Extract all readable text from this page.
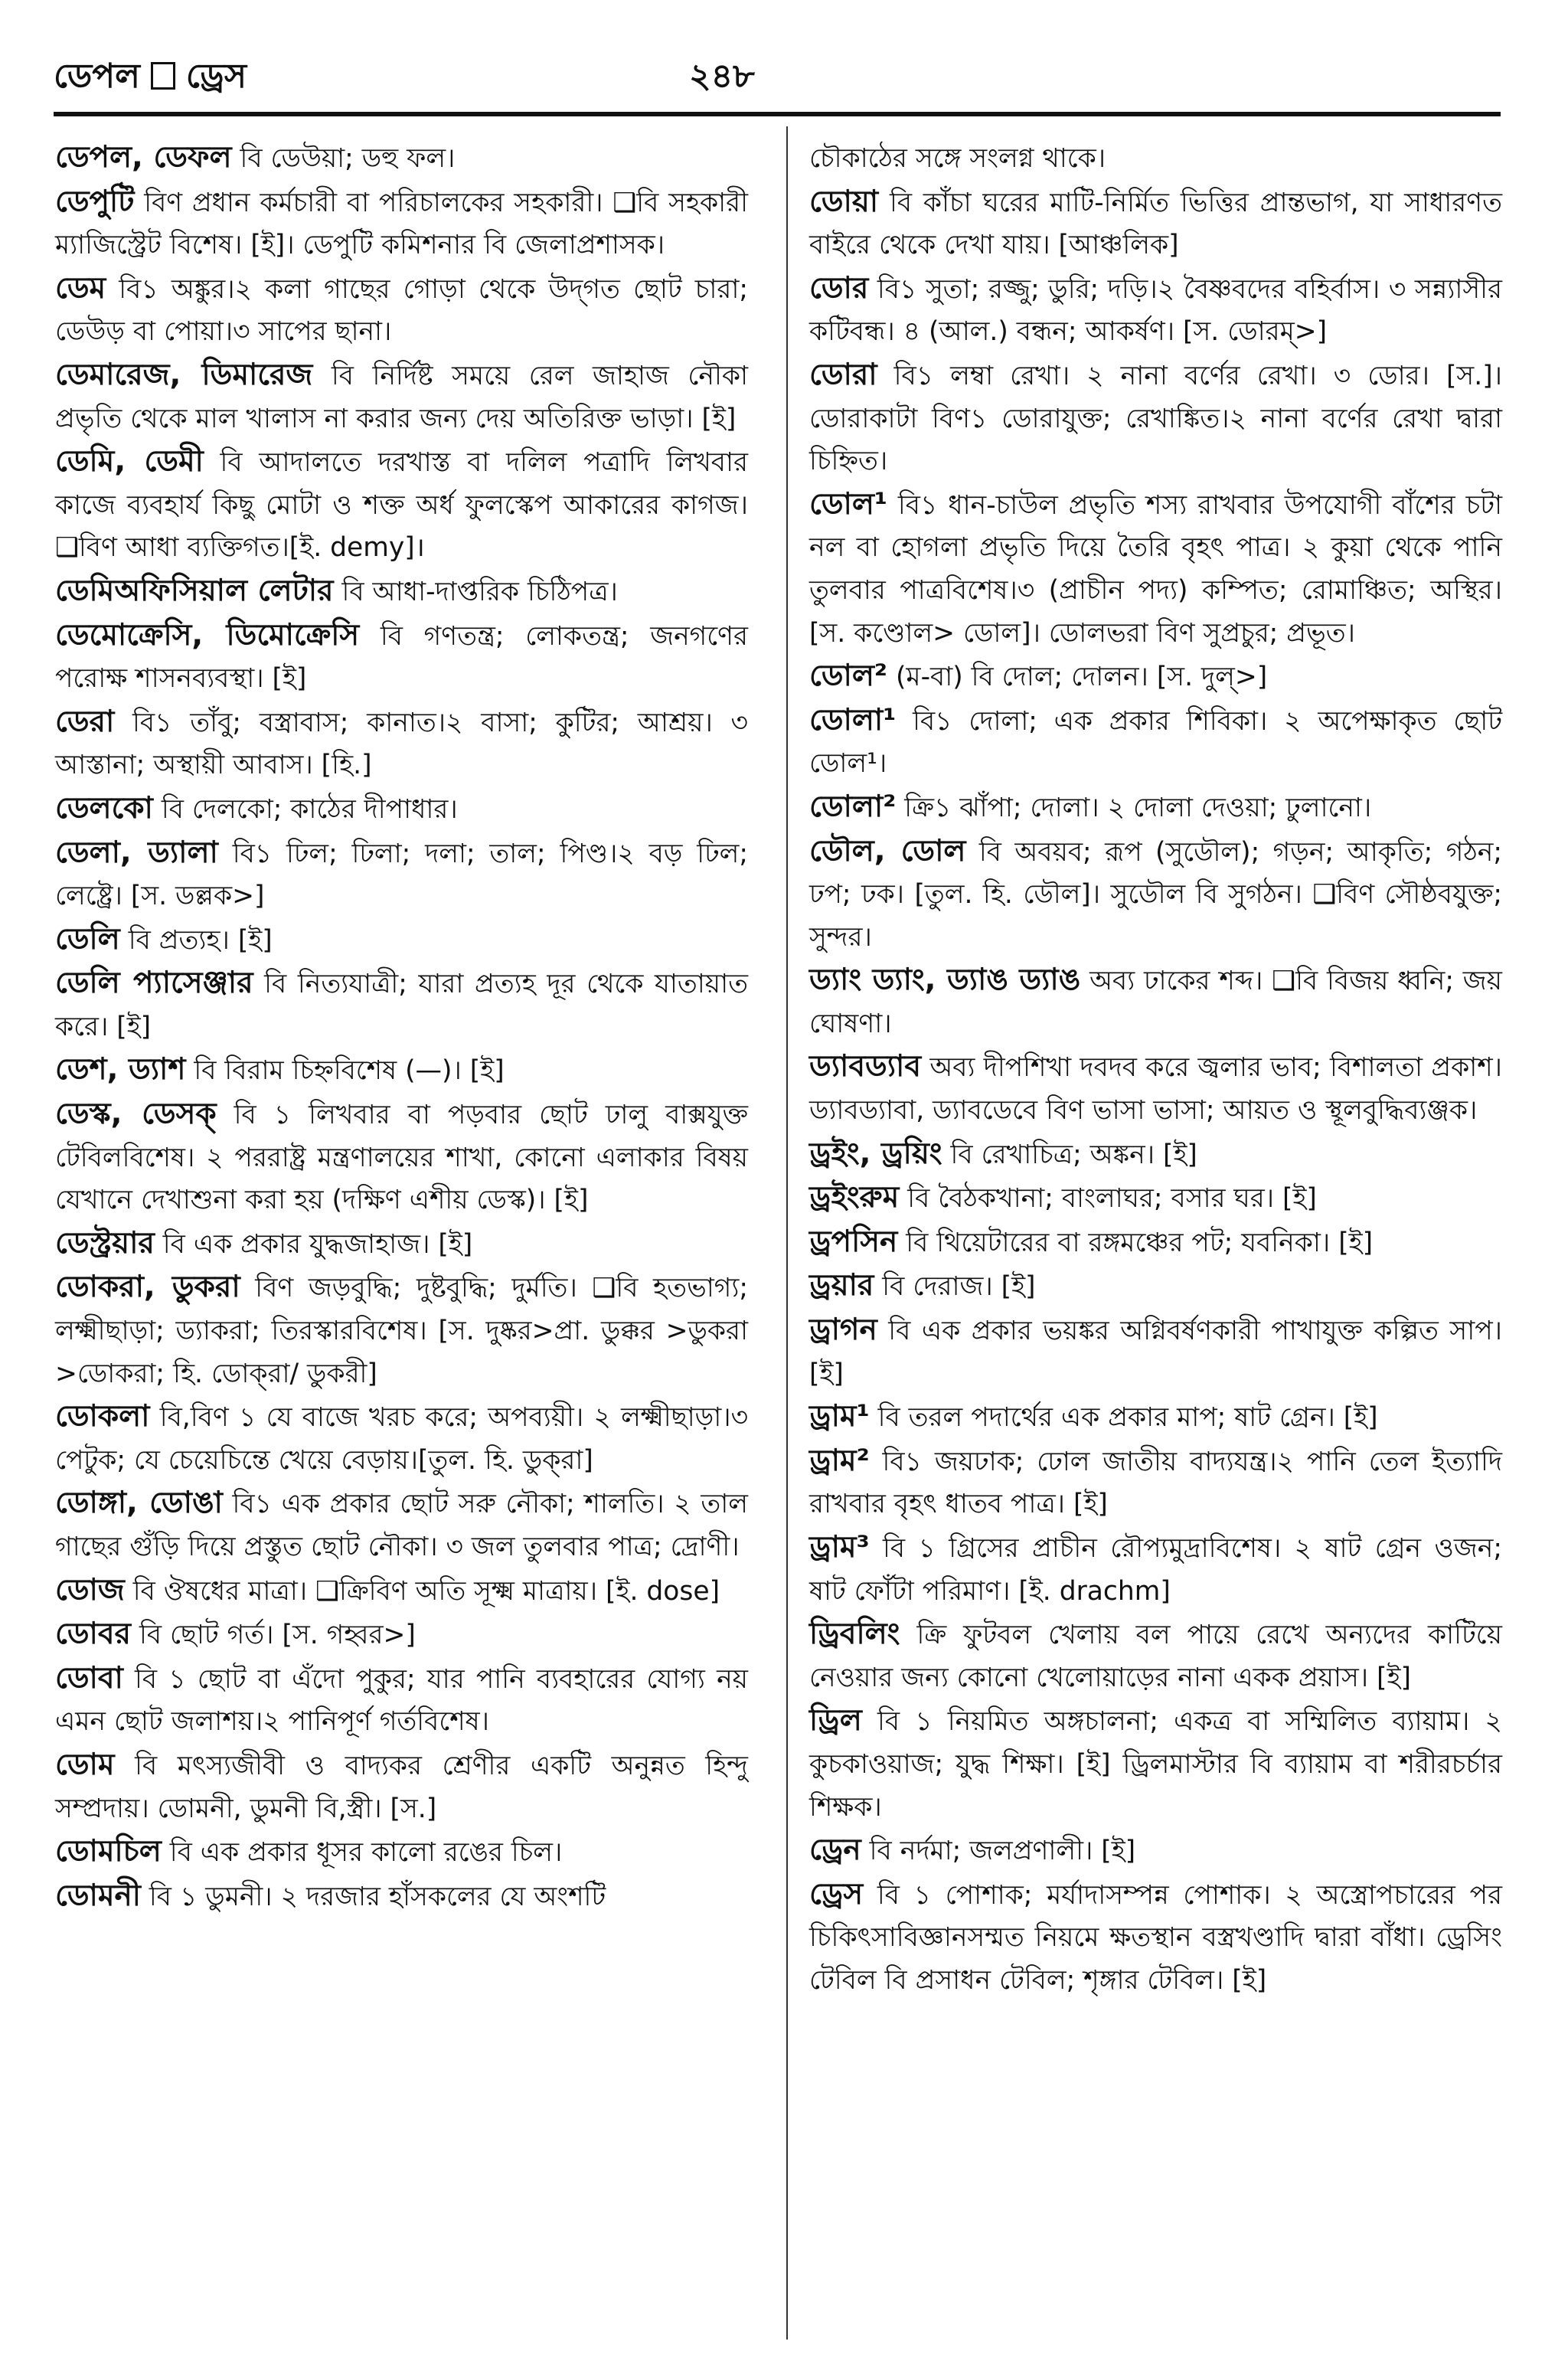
ডেপল ড্রেস	২৪৮

ডেপল, ডেফল বি ডেউয়া; ডহু ফল।

ডেপুটি বিণ প্রধান কর্মচারী বা পরিচালকের সহকারী। ❑বি সহকারী ম্যাজিস্ট্রেট বিশেষ। [ই]। ডেপুটি কমিশনার বি জেলাপ্রশাসক।

ডেম বি১ অঙ্কুর।২ কলা গাছের গোড়া থেকে উদ্‌গত ছোট চারা; ডেউড় বা পোয়া।৩ সাপের ছানা।

ডেমারেজ, ডিমারেজ বি নির্দিষ্ট সময়ে রেল জাহাজ নৌকা প্রভৃতি থেকে মাল খালাস না করার জন্য দেয় অতিরিক্ত ভাড়া। [ই]

ডেমি, ডেমী বি আদালতে দরখাস্ত বা দলিল পত্রাদি লিখবার কাজে ব্যবহার্য কিছু মোটা ও শক্ত অর্ধ ফুলস্কেপ আকারের কাগজ।❑বিণ আধা ব্যক্তিগত।[ই. demy]।

ডেমিঅফিসিয়াল লেটার বি আধা-দাপ্তরিক চিঠিপত্র।

ডেমোক্রেসি, ডিমোক্রেসি বি গণতন্ত্র; লোকতন্ত্র; জনগণের পরোক্ষ শাসনব্যবস্থা। [ই]

ডেরা বি১ তাঁবু; বস্ত্রাবাস; কানাত।২ বাসা; কুটির; আশ্রয়। ৩ আস্তানা; অস্থায়ী আবাস। [হি.]

ডেলকো বি দেলকো; কাঠের দীপাধার।

ডেলা, ড্যালা বি১ ঢিল; ঢিলা; দলা; তাল; পিণ্ড।২ বড় ঢিল; লেষ্ট্রে। [স. ডল্লক>]

ডেলি বি প্রত্যহ। [ই]

ডেলি প্যাসেঞ্জার বি নিত্যযাত্রী; যারা প্রত্যহ দূর থেকে যাতায়াত করে। [ই]

ডেশ, ড্যাশ বি বিরাম চিহ্নবিশেষ (—)। [ই]

ডেস্ক, ডেসক্ বি ১ লিখবার বা পড়বার ছোট ঢালু বাক্সযুক্ত টেবিলবিশেষ। ২ পররাষ্ট্র মন্ত্রণালয়ের শাখা, কোনো এলাকার বিষয় যেখানে দেখাশুনা করা হয় (দক্ষিণ এশীয় ডেস্ক)। [ই]

ডেস্ট্রয়ার বি এক প্রকার যুদ্ধজাহাজ। [ই]

ডোকরা, ডুকরা বিণ জড়বুদ্ধি; দুষ্টবুদ্ধি; দুর্মতি। ❑বি হতভাগ্য; লক্ষ্মীছাড়া; ড্যাকরা; তিরস্কারবিশেষ। [স. দুষ্কর>প্রা. ডুক্কর >ডুকরা >ডোকরা; হি. ডোক্‌রা/ ডুকরী]

ডোকলা বি,বিণ ১ যে বাজে খরচ করে; অপব্যয়ী। ২ লক্ষ্মীছাড়া।৩ পেটুক; যে চেয়েচিন্তে খেয়ে বেড়ায়।[তুল. হি. ডুক্‌রা]

ডোঙ্গা, ডোঙা বি১ এক প্রকার ছোট সরু নৌকা; শালতি। ২ তাল গাছের গুঁড়ি দিয়ে প্রস্তুত ছোট নৌকা। ৩ জল তুলবার পাত্র; দ্রোণী।

ডোজ বি ঔষধের মাত্রা। ❑ক্রিবিণ অতি সূক্ষ্ম মাত্রায়। [ই. dose]

ডোবর বি ছোট গর্ত। [স. গহ্বর>]

ডোবা বি ১ ছোট বা এঁদো পুকুর; যার পানি ব্যবহারের যোগ্য নয় এমন ছোট জলাশয়।২ পানিপূর্ণ গর্তবিশেষ।

ডোম বি মৎস্যজীবী ও বাদ্যকর শ্রেণীর একটি অনুন্নত হিন্দু সম্প্রদায়। ডোমনী, ডুমনী বি,স্ত্রী। [স.]

ডোমচিল বি এক প্রকার ধূসর কালো রঙের চিল।

ডোমনী বি ১ ডুমনী। ২ দরজার হাঁসকলের যে অংশটি

চৌকাঠের সঙ্গে সংলগ্ন থাকে।

ডোয়া বি কাঁচা ঘরের মাটি-নির্মিত ভিত্তির প্রান্তভাগ, যা সাধারণত বাইরে থেকে দেখা যায়। [আঞ্চলিক]

ডোর বি১ সুতা; রজ্জু; ডুরি; দড়ি।২ বৈষ্ণবদের বহির্বাস। ৩ সন্ন্যাসীর কটিবন্ধ। ৪ (আল.) বন্ধন; আকর্ষণ। [স. ডোরম্>]

ডোরা বি১ লম্বা রেখা। ২ নানা বর্ণের রেখা। ৩ ডোর। [স.]। ডোরাকাটা বিণ১ ডোরাযুক্ত; রেখাঙ্কিত।২ নানা বর্ণের রেখা দ্বারা চিহ্নিত।

ডোল¹ বি১ ধান-চাউল প্রভৃতি শস্য রাখবার উপযোগী বাঁশের চটা নল বা হোগলা প্রভৃতি দিয়ে তৈরি বৃহৎ পাত্র। ২ কুয়া থেকে পানি তুলবার পাত্রবিশেষ।৩ (প্রাচীন পদ্য) কম্পিত; রোমাঞ্চিত; অস্থির। [স. কণ্ডোল> ডোল]। ডোলভরা বিণ সুপ্রচুর; প্রভূত।

ডোল² (ম-বা) বি দোল; দোলন। [স. দুল্>]

ডোলা¹ বি১ দোলা; এক প্রকার শিবিকা। ২ অপেক্ষাকৃত ছোট ডোল¹।

ডোলা² ক্রি১ ঝাঁপা; দোলা। ২ দোলা দেওয়া; ঢুলানো।

ডৌল, ডোল বি অবয়ব; রূপ (সুডৌল); গড়ন; আকৃতি; গঠন; ঢপ; ঢক। [তুল. হি. ডৌল]। সুডৌল বি সুগঠন। ❑বিণ সৌষ্ঠবযুক্ত; সুন্দর।

ড্যাং ড্যাং, ড্যাঙ ড্যাঙ অব্য ঢাকের শব্দ। ❑বি বিজয় ধ্বনি; জয় ঘোষণা।

ড্যাবড্যাব অব্য দীপশিখা দবদব করে জ্বলার ভাব; বিশালতা প্রকাশ। ড্যাবড্যাবা, ড্যাবডেবে বিণ ভাসা ভাসা; আয়ত ও স্থূলবুদ্ধিব্যঞ্জক।

ড্রইং, ড্রয়িং বি রেখাচিত্র; অঙ্কন। [ই]

ড্রইংরুম বি বৈঠকখানা; বাংলাঘর; বসার ঘর। [ই]

ড্রপসিন বি থিয়েটারের বা রঙ্গমঞ্চের পট; যবনিকা। [ই]

ড্রয়ার বি দেরাজ। [ই]

ড্রাগন বি এক প্রকার ভয়ঙ্কর অগ্নিবর্ষণকারী পাখাযুক্ত কল্পিত সাপ। [ই]

ড্রাম¹ বি তরল পদার্থের এক প্রকার মাপ; ষাট গ্রেন। [ই]

ড্রাম² বি১ জয়ঢাক; ঢোল জাতীয় বাদ্যযন্ত্র।২ পানি তেল ইত্যাদি রাখবার বৃহৎ ধাতব পাত্র। [ই]

ড্রাম³ বি ১ গ্রিসের প্রাচীন রৌপ্যমুদ্রাবিশেষ। ২ ষাট গ্রেন ওজন; ষাট ফোঁটা পরিমাণ। [ই. drachm]

ড্রিবলিং ক্রি ফুটবল খেলায় বল পায়ে রেখে অন্যদের কাটিয়ে নেওয়ার জন্য কোনো খেলোয়াড়ের নানা একক প্রয়াস। [ই]

ড্রিল বি ১ নিয়মিত অঙ্গচালনা; একত্র বা সম্মিলিত ব্যায়াম। ২ কুচকাওয়াজ; যুদ্ধ শিক্ষা। [ই] ড্রিলমাস্টার বি ব্যায়াম বা শরীরচর্চার শিক্ষক।

ড্রেন বি নর্দমা; জলপ্রণালী। [ই]

ড্রেস বি ১ পোশাক; মর্যাদাসম্পন্ন পোশাক। ২ অস্ত্রোপচারের পর চিকিৎসাবিজ্ঞানসম্মত নিয়মে ক্ষতস্থান বস্ত্রখণ্ডাদি দ্বারা বাঁধা। ড্রেসিং টেবিল বি প্রসাধন টেবিল; শৃঙ্গার টেবিল। [ই]
